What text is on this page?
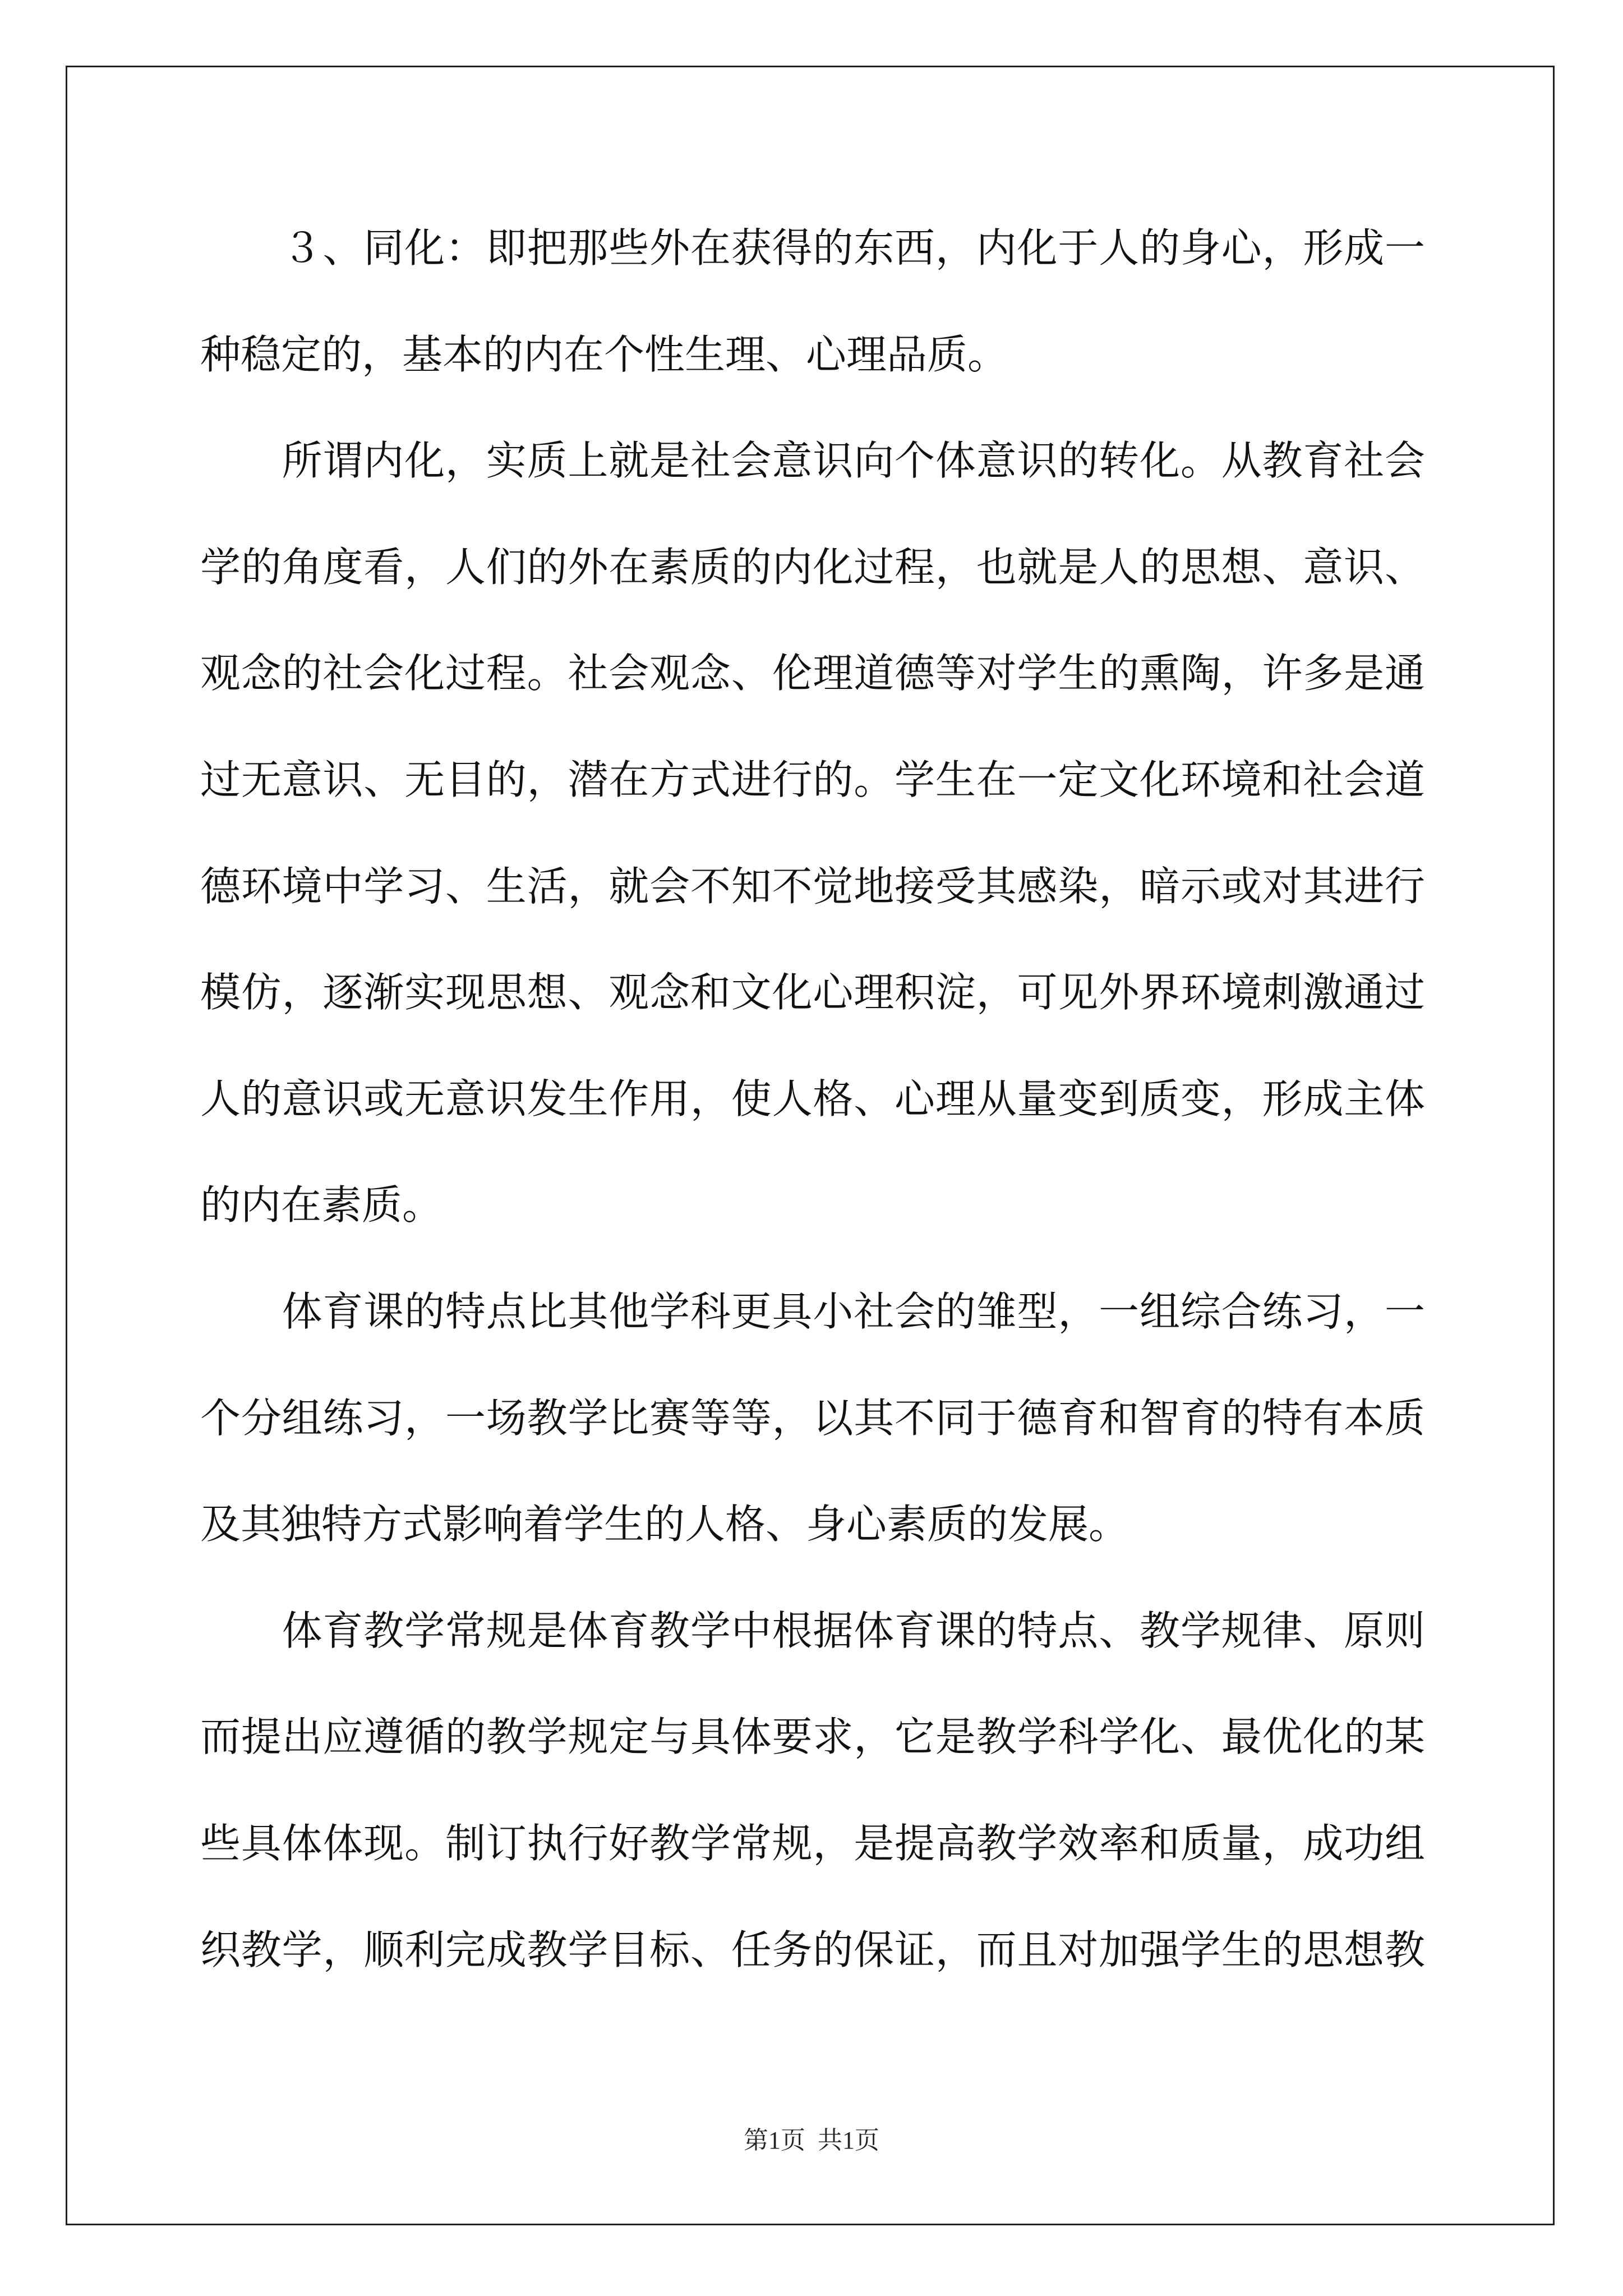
３、同化：即把那些外在获得的东西，内化于人的身心，形成一
种稳定的，基本的内在个性生理、心理品质。
所谓内化，实质上就是社会意识向个体意识的转化。从教育社会
学的角度看，人们的外在素质的内化过程，也就是人的思想、意识、
观念的社会化过程。社会观念、伦理道德等对学生的熏陶，许多是通
过无意识、无目的，潜在方式进行的。学生在一定文化环境和社会道
德环境中学习、生活，就会不知不觉地接受其感染，暗示或对其进行
模仿，逐渐实现思想、观念和文化心理积淀，可见外界环境刺激通过
人的意识或无意识发生作用，使人格、心理从量变到质变，形成主体
的内在素质。
体育课的特点比其他学科更具小社会的雏型，一组综合练习，一
个分组练习，一场教学比赛等等，以其不同于德育和智育的特有本质
及其独特方式影响着学生的人格、身心素质的发展。
体育教学常规是体育教学中根据体育课的特点、教学规律、原则
而提出应遵循的教学规定与具体要求，它是教学科学化、最优化的某
些具体体现。制订执行好教学常规，是提高教学效率和质量，成功组
织教学，顺利完成教学目标、任务的保证，而且对加强学生的思想教
第1页  共1页
